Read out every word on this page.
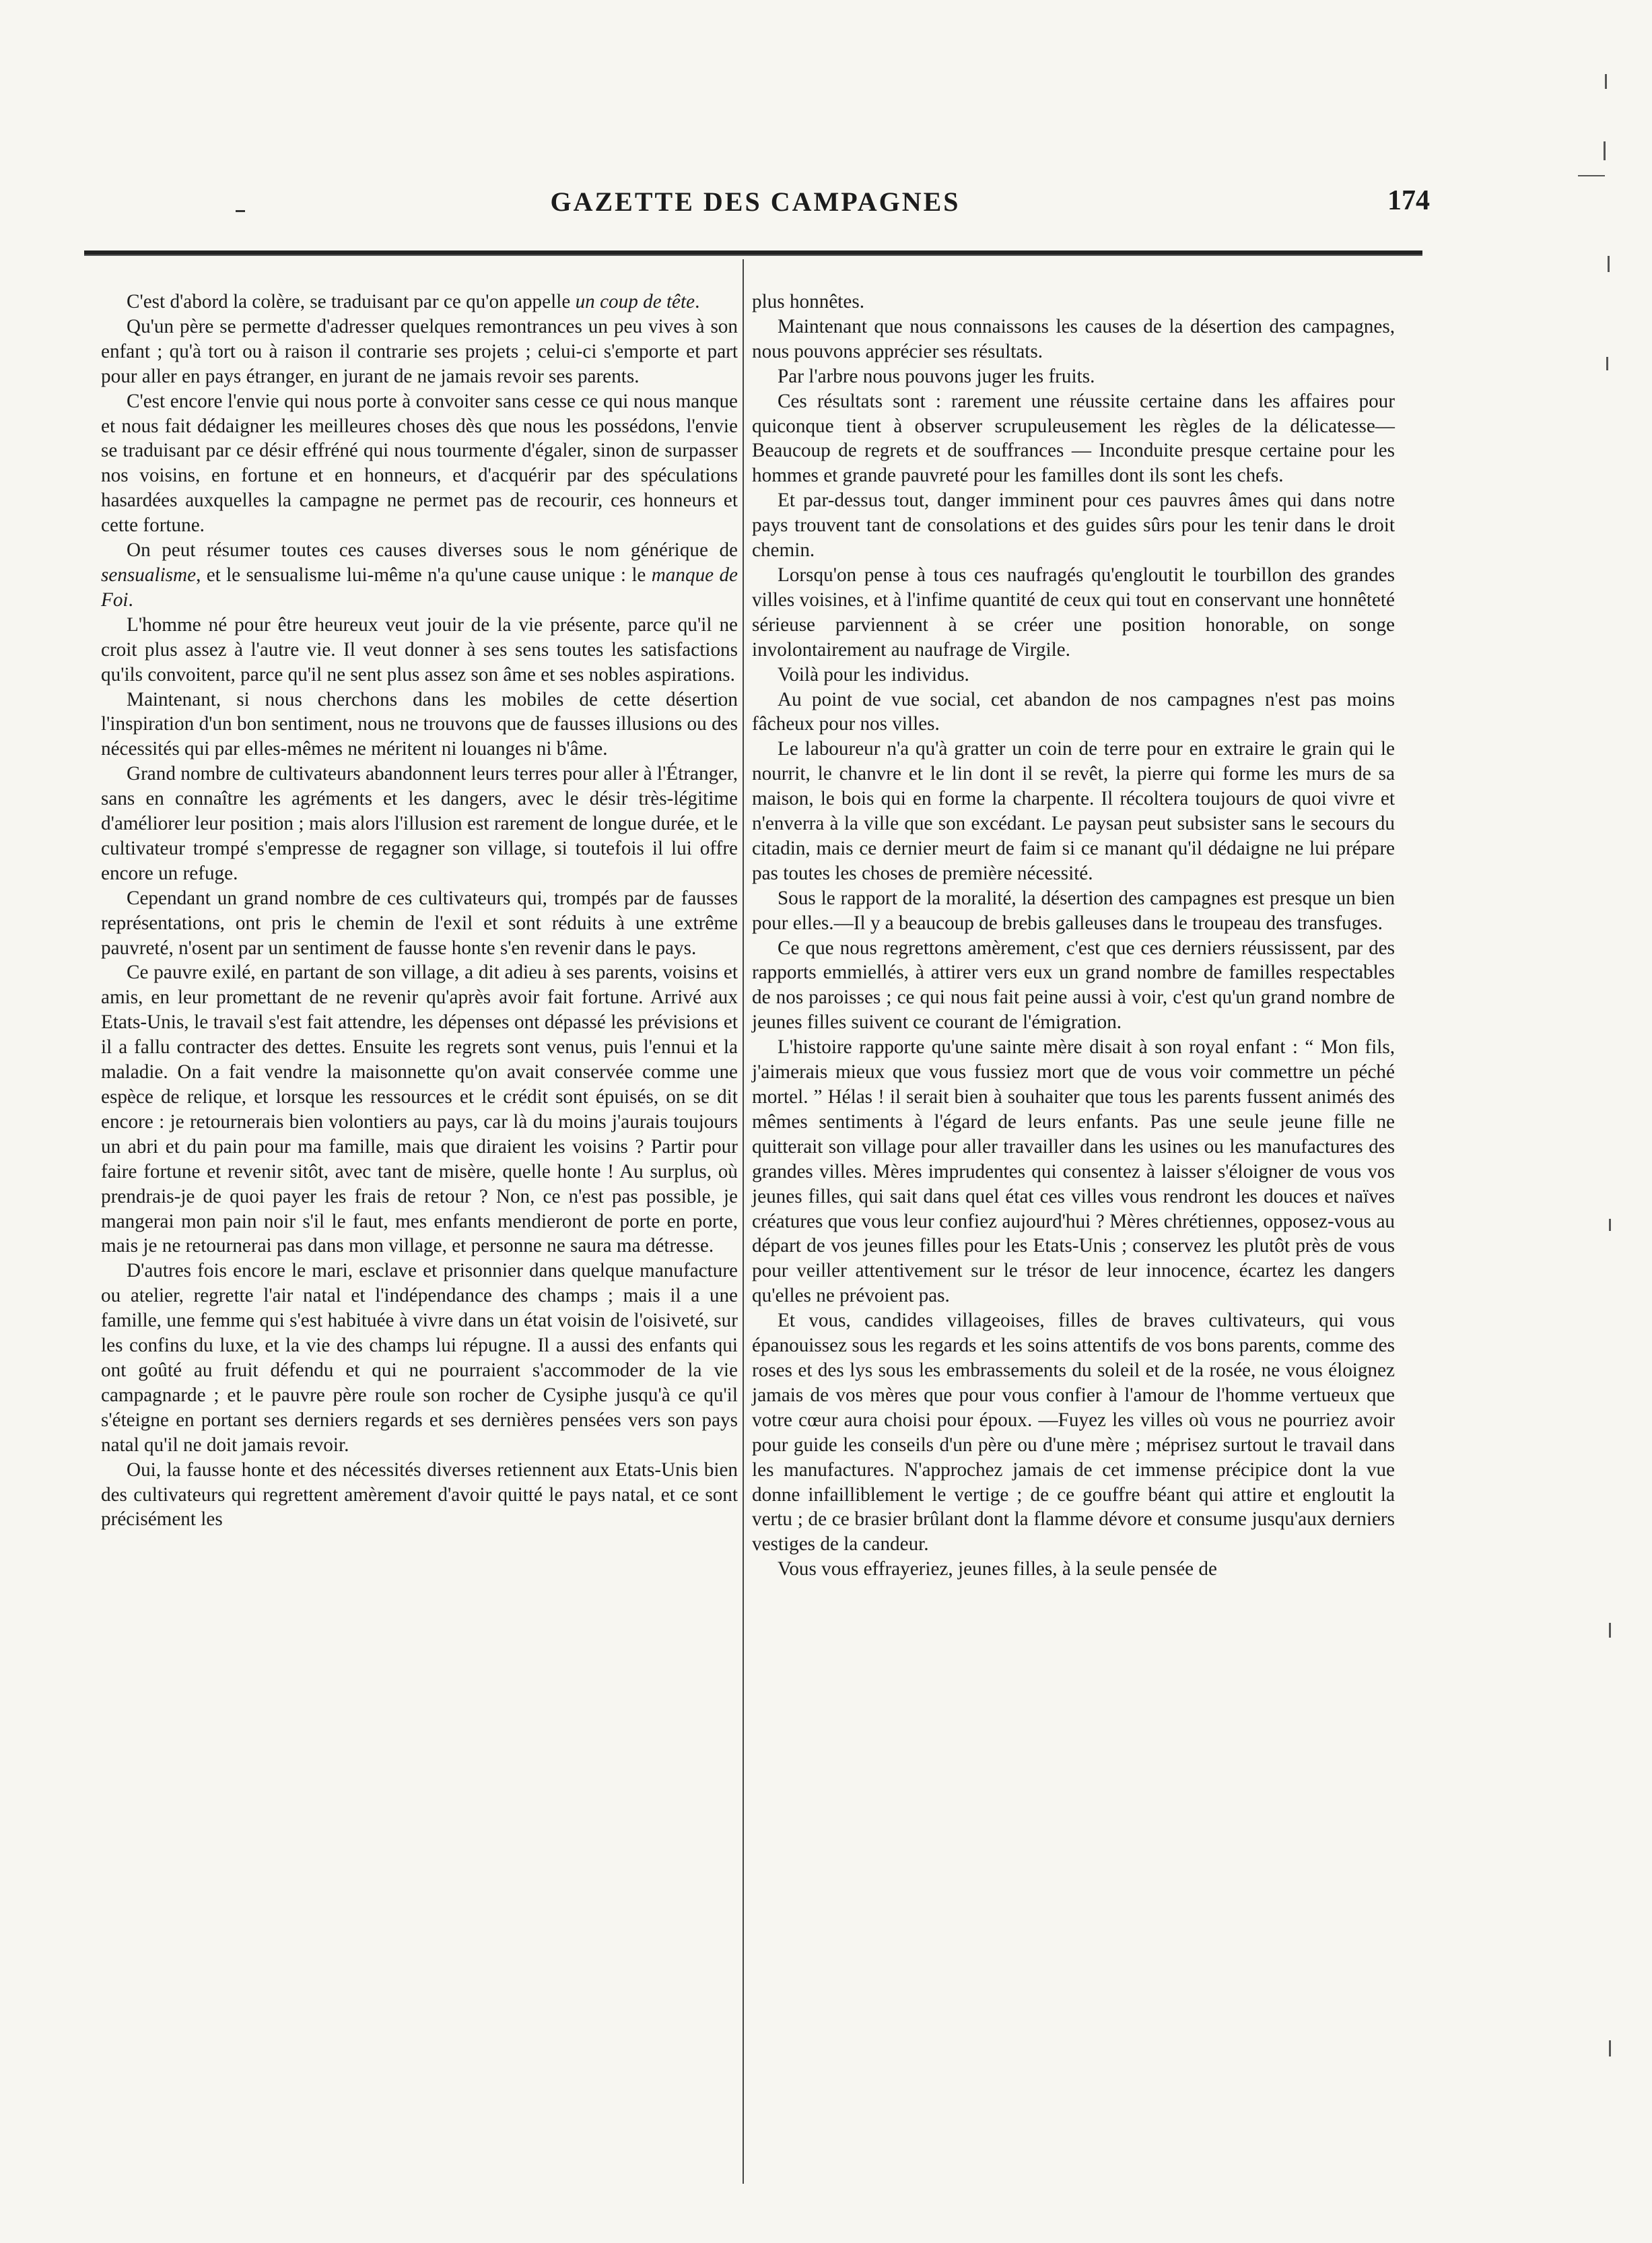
GAZETTE DES CAMPAGNES	174

C'est d'abord la colère, se traduisant par ce qu'on appelle un coup de tête.

Qu'un père se permette d'adresser quelques remontrances un peu vives à son enfant ; qu'à tort ou à raison il contrarie ses projets ; celui-ci s'emporte et part pour aller en pays étranger, en jurant de ne jamais revoir ses parents.

C'est encore l'envie qui nous porte à convoiter sans cesse ce qui nous manque et nous fait dédaigner les meilleures choses dès que nous les possédons, l'envie se traduisant par ce désir effréné qui nous tourmente d'égaler, sinon de surpasser nos voisins, en fortune et en honneurs, et d'acquérir par des spéculations hasardées auxquelles la campagne ne permet pas de recourir, ces honneurs et cette fortune.

On peut résumer toutes ces causes diverses sous le nom générique de sensualisme, et le sensualisme lui-même n'a qu'une cause unique : le manque de Foi.

L'homme né pour être heureux veut jouir de la vie présente, parce qu'il ne croit plus assez à l'autre vie. Il veut donner à ses sens toutes les satisfactions qu'ils convoitent, parce qu'il ne sent plus assez son âme et ses nobles aspirations.

Maintenant, si nous cherchons dans les mobiles de cette désertion l'inspiration d'un bon sentiment, nous ne trouvons que de fausses illusions ou des nécessités qui par elles-mêmes ne méritent ni louanges ni b'âme.

Grand nombre de cultivateurs abandonnent leurs terres pour aller à l'Étranger, sans en connaître les agréments et les dangers, avec le désir très-légitime d'améliorer leur position ; mais alors l'illusion est rarement de longue durée, et le cultivateur trompé s'empresse de regagner son village, si toutefois il lui offre encore un refuge.

Cependant un grand nombre de ces cultivateurs qui, trompés par de fausses représentations, ont pris le chemin de l'exil et sont réduits à une extrême pauvreté, n'osent par un sentiment de fausse honte s'en revenir dans le pays.

Ce pauvre exilé, en partant de son village, a dit adieu à ses parents, voisins et amis, en leur promettant de ne revenir qu'après avoir fait fortune. Arrivé aux Etats-Unis, le travail s'est fait attendre, les dépenses ont dépassé les prévisions et il a fallu contracter des dettes. Ensuite les regrets sont venus, puis l'ennui et la maladie. On a fait vendre la maisonnette qu'on avait conservée comme une espèce de relique, et lorsque les ressources et le crédit sont épuisés, on se dit encore : je retournerais bien volontiers au pays, car là du moins j'aurais toujours un abri et du pain pour ma famille, mais que diraient les voisins ? Partir pour faire fortune et revenir sitôt, avec tant de misère, quelle honte ! Au surplus, où prendrais-je de quoi payer les frais de retour ? Non, ce n'est pas possible, je mangerai mon pain noir s'il le faut, mes enfants mendieront de porte en porte, mais je ne retournerai pas dans mon village, et personne ne saura ma détresse.

D'autres fois encore le mari, esclave et prisonnier dans quelque manufacture ou atelier, regrette l'air natal et l'indépendance des champs ; mais il a une famille, une femme qui s'est habituée à vivre dans un état voisin de l'oisiveté, sur les confins du luxe, et la vie des champs lui répugne. Il a aussi des enfants qui ont goûté au fruit défendu et qui ne pourraient s'accommoder de la vie campagnarde ; et le pauvre père roule son rocher de Cysiphe jusqu'à ce qu'il s'éteigne en portant ses derniers regards et ses dernières pensées vers son pays natal qu'il ne doit jamais revoir.

Oui, la fausse honte et des nécessités diverses retiennent aux Etats-Unis bien des cultivateurs qui regrettent amèrement d'avoir quitté le pays natal, et ce sont précisément les

plus honnêtes.

Maintenant que nous connaissons les causes de la désertion des campagnes, nous pouvons apprécier ses résultats.

Par l'arbre nous pouvons juger les fruits.

Ces résultats sont : rarement une réussite certaine dans les affaires pour quiconque tient à observer scrupuleusement les règles de la délicatesse—Beaucoup de regrets et de souffrances — Inconduite presque certaine pour les hommes et grande pauvreté pour les familles dont ils sont les chefs.

Et par-dessus tout, danger imminent pour ces pauvres âmes qui dans notre pays trouvent tant de consolations et des guides sûrs pour les tenir dans le droit chemin.

Lorsqu'on pense à tous ces naufragés qu'engloutit le tourbillon des grandes villes voisines, et à l'infime quantité de ceux qui tout en conservant une honnêteté sérieuse parviennent à se créer une position honorable, on songe involontairement au naufrage de Virgile.

Voilà pour les individus.

Au point de vue social, cet abandon de nos campagnes n'est pas moins fâcheux pour nos villes.

Le laboureur n'a qu'à gratter un coin de terre pour en extraire le grain qui le nourrit, le chanvre et le lin dont il se revêt, la pierre qui forme les murs de sa maison, le bois qui en forme la charpente. Il récoltera toujours de quoi vivre et n'enverra à la ville que son excédant. Le paysan peut subsister sans le secours du citadin, mais ce dernier meurt de faim si ce manant qu'il dédaigne ne lui prépare pas toutes les choses de première nécessité.

Sous le rapport de la moralité, la désertion des campagnes est presque un bien pour elles.—Il y a beaucoup de brebis galleuses dans le troupeau des transfuges.

Ce que nous regrettons amèrement, c'est que ces derniers réussissent, par des rapports emmiellés, à attirer vers eux un grand nombre de familles respectables de nos paroisses ; ce qui nous fait peine aussi à voir, c'est qu'un grand nombre de jeunes filles suivent ce courant de l'émigration.

L'histoire rapporte qu'une sainte mère disait à son royal enfant : “ Mon fils, j'aimerais mieux que vous fussiez mort que de vous voir commettre un péché mortel. ” Hélas ! il serait bien à souhaiter que tous les parents fussent animés des mêmes sentiments à l'égard de leurs enfants. Pas une seule jeune fille ne quitterait son village pour aller travailler dans les usines ou les manufactures des grandes villes. Mères imprudentes qui consentez à laisser s'éloigner de vous vos jeunes filles, qui sait dans quel état ces villes vous rendront les douces et naïves créatures que vous leur confiez aujourd'hui ? Mères chrétiennes, opposez-vous au départ de vos jeunes filles pour les Etats-Unis ; conservez les plutôt près de vous pour veiller attentivement sur le trésor de leur innocence, écartez les dangers qu'elles ne prévoient pas.

Et vous, candides villageoises, filles de braves cultivateurs, qui vous épanouissez sous les regards et les soins attentifs de vos bons parents, comme des roses et des lys sous les embrassements du soleil et de la rosée, ne vous éloignez jamais de vos mères que pour vous confier à l'amour de l'homme vertueux que votre cœur aura choisi pour époux. —Fuyez les villes où vous ne pourriez avoir pour guide les conseils d'un père ou d'une mère ; méprisez surtout le travail dans les manufactures. N'approchez jamais de cet immense précipice dont la vue donne infailliblement le vertige ; de ce gouffre béant qui attire et engloutit la vertu ; de ce brasier brûlant dont la flamme dévore et consume jusqu'aux derniers vestiges de la candeur.

Vous vous effrayeriez, jeunes filles, à la seule pensée de
